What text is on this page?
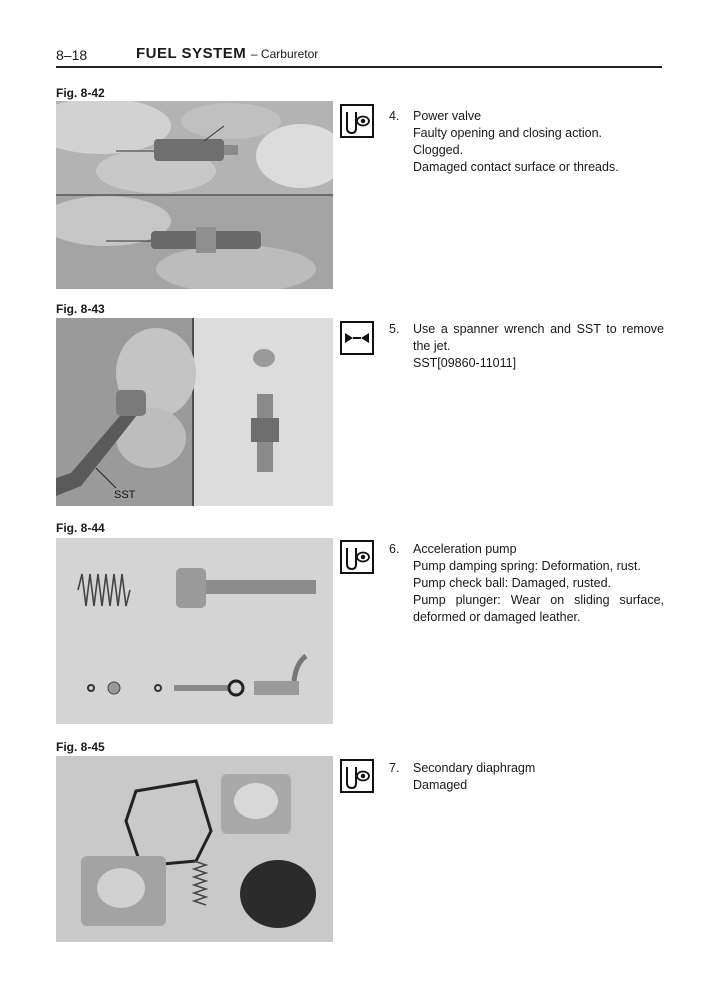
8–18	FUEL SYSTEM – Carburetor
Fig. 8-42
4. Power valve
Faulty opening and closing action.
Clogged.
Damaged contact surface or threads.
Fig. 8-43
SST
5. Use a spanner wrench and SST to remove the jet.
SST[09860-11011]
Fig. 8-44
6. Acceleration pump
Pump damping spring: Deformation, rust.
Pump check ball: Damaged, rusted.
Pump plunger: Wear on sliding surface, deformed or damaged leather.
Fig. 8-45
7. Secondary diaphragm
Damaged
